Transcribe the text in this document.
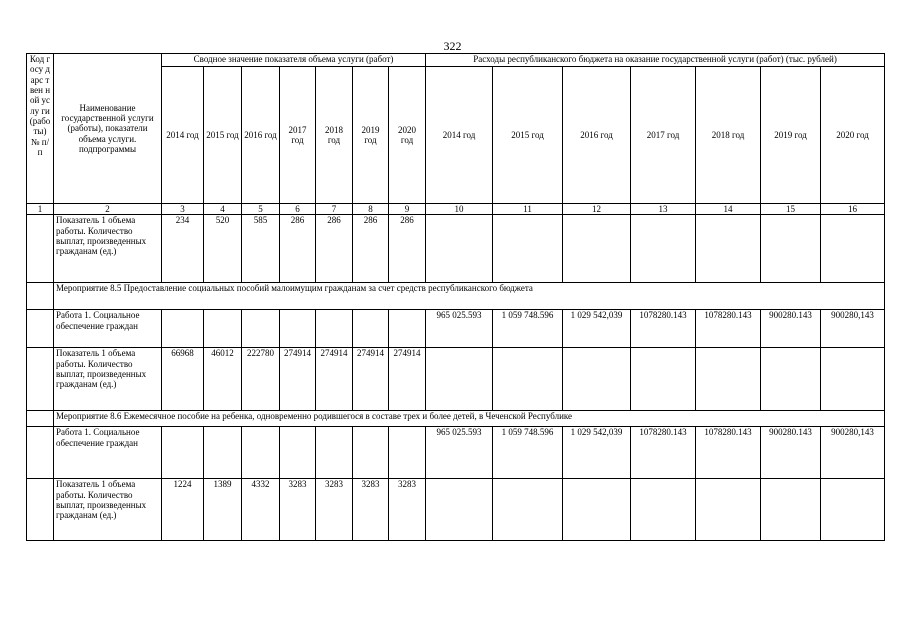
322
Код госу дарс твен ной услу ги (рабо ты) № п/п	Наименование государственной услуги (работы), показатели объема услуги. подпрограммы	Сводное значение показателя объема услуги (работ)							Расходы республиканского бюджета на оказание государственной услуги (работ) (тыс. рублей)						
		2014 год	2015 год	2016 год	2017 год	2018 год	2019 год	2020 год	2014 год	2015 год	2016 год	2017 год	2018 год	2019 год	2020 год
1	2	3	4	5	6	7	8	9	10	11	12	13	14	15	16
	Показатель 1 объема работы. Количество выплат, произведенных гражданам (ед.)	234	520	585	286	286	286	286							
	Мероприятие 8.5 Предоставление социальных пособий малоимущим гражданам за счет средств республиканского бюджета														
	Работа 1. Социальное обеспечение граждан								965 025.593	1 059 748.596	1 029 542,039	1078280.143	1078280.143	900280.143	900280,143
	Показатель 1 объема работы. Количество выплат, произведенных гражданам (ед.)	66968	46012	222780	274914	274914	274914	274914							
	Мероприятие 8.6 Ежемесячное пособие на ребенка, одновременно родившегося в составе трех и более детей, в Чеченской Республике														
	Работа 1. Социальное обеспечение граждан								965 025.593	1 059 748.596	1 029 542,039	1078280.143	1078280.143	900280.143	900280,143
	Показатель 1 объема работы. Количество выплат, произведенных гражданам (ед.)	1224	1389	4332	3283	3283	3283	3283							
